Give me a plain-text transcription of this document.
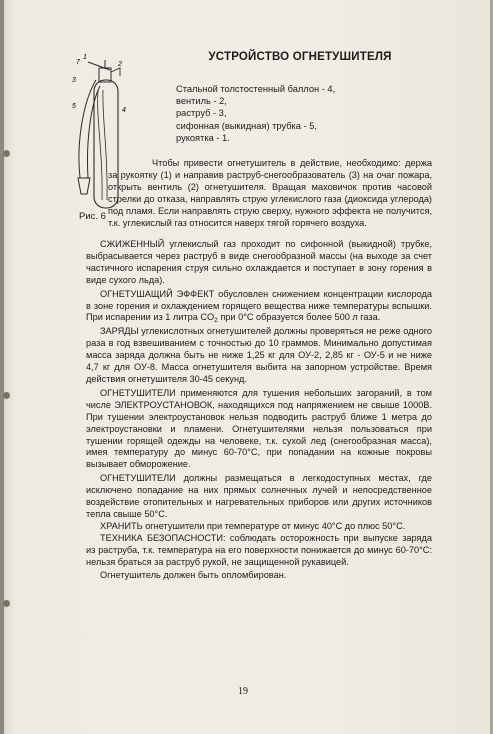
7
1
2
3
5
4
Рис. 6
УСТРОЙСТВО ОГНЕТУШИТЕЛЯ
Стальной толстостенный баллон - 4,
вентиль - 2,
раструб - 3,
сифонная (выкидная) трубка - 5,
рукоятка - 1.
Чтобы привести огнетушитель в действие, необходимо: держа за рукоятку (1) и направив раструб-снегообразователь (3) на очаг пожара, открыть вентиль (2) огнетушителя. Вращая маховичок против часовой стрелки до отказа, направлять струю углекислого газа (диоксида углерода) под пламя. Если направлять струю сверху, нужного эффекта не получится, т.к. углекислый газ относится наверх тягой горячего воздуха.

СЖИЖЕННЫЙ углекислый газ проходит по сифонной (выкидной) трубке, выбрасывается через раструб в виде снегообразной массы (на выходе за счет частичного испарения струя сильно охлаждается и поступает в зону горения в виде сухого льда).

ОГНЕТУШАЩИЙ ЭФФЕКТ обусловлен снижением концентрации кислорода в зоне горения и охлаждением горящего вещества ниже температуры вспышки. При испарении из 1 литра $CO_2$ при 0°С образуется более 500 л газа.

ЗАРЯДЫ углекислотных огнетушителей должны проверяться не реже одного раза в год взвешиванием с точностью до 10 граммов. Минимально допустимая масса заряда должна быть не ниже 1,25 кг для ОУ-2, 2,85 кг - ОУ-5 и не ниже 4,7 кг для ОУ-8. Масса огнетушителя выбита на запорном устройстве. Время действия огнетушителя 30-45 секунд.

ОГНЕТУШИТЕЛИ применяются для тушения небольших загораний, в том числе ЭЛЕКТРОУСТАНОВОК, находящихся под напряжением не свыше 1000В. При тушении электроустановок нельзя подводить раструб ближе 1 метра до электроустановки и пламени. Огнетушителями нельзя пользоваться при тушении горящей одежды на человеке, т.к. сухой лед (снегообразная масса), имея температуру до минус 60-70°С, при попадании на кожные покровы вызывает обморожение.

ОГНЕТУШИТЕЛИ должны размещаться в легкодоступных местах, где исключено попадание на них прямых солнечных лучей и непосредственное воздействие отопительных и нагревательных приборов или других источников тепла свыше 50°С.

ХРАНИТЬ огнетушители при температуре от минус 40°С до плюс 50°С.

ТЕХНИКА БЕЗОПАСНОСТИ: соблюдать осторожность при выпуске заряда из раструба, т.к. температура на его поверхности понижается до минус 60-70°С: нельзя браться за раструб рукой, не защищенной рукавицей.

Огнетушитель должен быть опломбирован.

19
